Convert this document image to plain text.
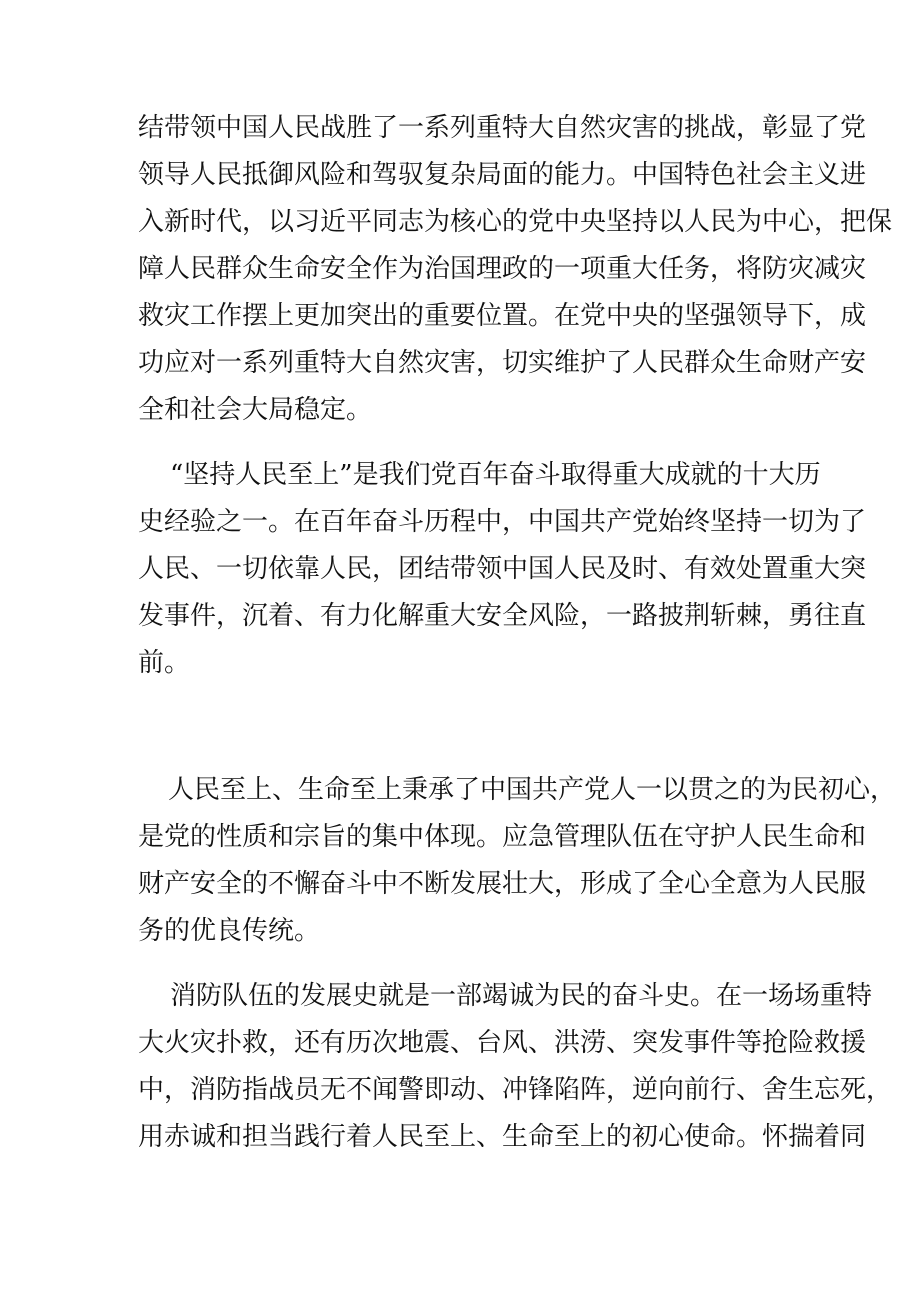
结带领中国人民战胜了一系列重特大自然灾害的挑战，彰显了党

领导人民抵御风险和驾驭复杂局面的能力。中国特色社会主义进

入新时代，以习近平同志为核心的党中央坚持以人民为中心，把保

障人民群众生命安全作为治国理政的一项重大任务，将防灾减灾

救灾工作摆上更加突出的重要位置。在党中央的坚强领导下，成

功应对一系列重特大自然灾害，切实维护了人民群众生命财产安

全和社会大局稳定。

“坚持人民至上”是我们党百年奋斗取得重大成就的十大历

史经验之一。在百年奋斗历程中，中国共产党始终坚持一切为了

人民、一切依靠人民，团结带领中国人民及时、有效处置重大突

发事件，沉着、有力化解重大安全风险，一路披荆斩棘，勇往直

前。

人民至上、生命至上秉承了中国共产党人一以贯之的为民初心，

是党的性质和宗旨的集中体现。应急管理队伍在守护人民生命和

财产安全的不懈奋斗中不断发展壮大，形成了全心全意为人民服

务的优良传统。

消防队伍的发展史就是一部竭诚为民的奋斗史。在一场场重特

大火灾扑救，还有历次地震、台风、洪涝、突发事件等抢险救援

中，消防指战员无不闻警即动、冲锋陷阵，逆向前行、舍生忘死，

用赤诚和担当践行着人民至上、生命至上的初心使命。怀揣着同
